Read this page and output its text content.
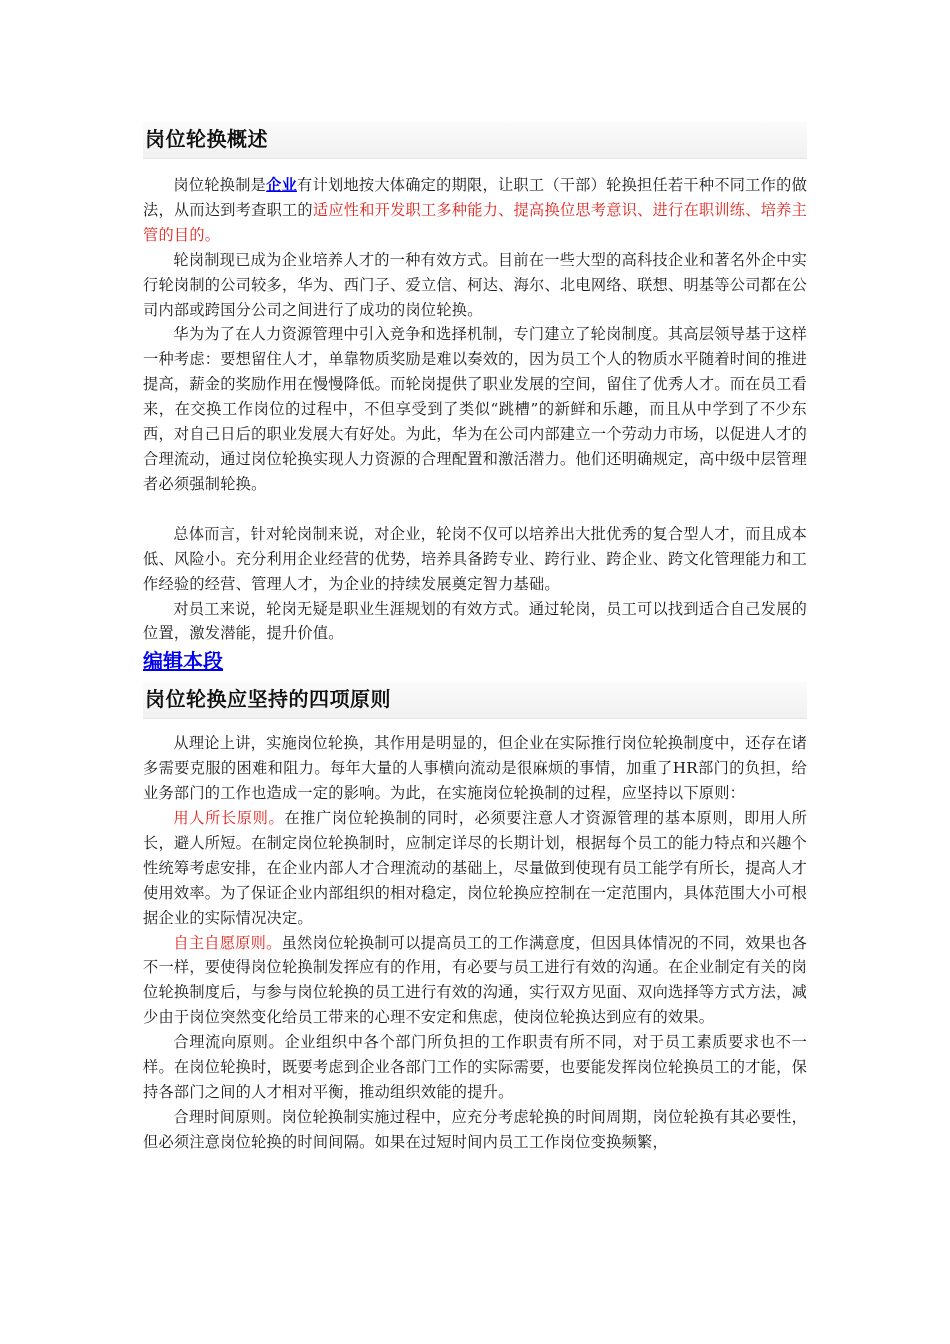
岗位轮换概述

岗位轮换制是企业有计划地按大体确定的期限，让职工（干部）轮换担任若干种不同工作的做法，从而达到考查职工的适应性和开发职工多种能力、提高换位思考意识、进行在职训练、培养主管的目的。

轮岗制现已成为企业培养人才的一种有效方式。目前在一些大型的高科技企业和著名外企中实行轮岗制的公司较多，华为、西门子、爱立信、柯达、海尔、北电网络、联想、明基等公司都在公司内部或跨国分公司之间进行了成功的岗位轮换。

华为为了在人力资源管理中引入竞争和选择机制，专门建立了轮岗制度。其高层领导基于这样一种考虑：要想留住人才，单靠物质奖励是难以奏效的，因为员工个人的物质水平随着时间的推进提高，薪金的奖励作用在慢慢降低。而轮岗提供了职业发展的空间，留住了优秀人才。而在员工看来，在交换工作岗位的过程中，不但享受到了类似“跳槽”的新鲜和乐趣，而且从中学到了不少东西，对自己日后的职业发展大有好处。为此，华为在公司内部建立一个劳动力市场，以促进人才的合理流动，通过岗位轮换实现人力资源的合理配置和激活潜力。他们还明确规定，高中级中层管理者必须强制轮换。

总体而言，针对轮岗制来说，对企业，轮岗不仅可以培养出大批优秀的复合型人才，而且成本低、风险小。充分利用企业经营的优势，培养具备跨专业、跨行业、跨企业、跨文化管理能力和工作经验的经营、管理人才，为企业的持续发展奠定智力基础。

对员工来说，轮岗无疑是职业生涯规划的有效方式。通过轮岗，员工可以找到适合自己发展的位置，激发潜能，提升价值。

编辑本段
岗位轮换应坚持的四项原则

从理论上讲，实施岗位轮换，其作用是明显的，但企业在实际推行岗位轮换制度中，还存在诸多需要克服的困难和阻力。每年大量的人事横向流动是很麻烦的事情，加重了HR部门的负担，给业务部门的工作也造成一定的影响。为此，在实施岗位轮换制的过程，应坚持以下原则：

用人所长原则。在推广岗位轮换制的同时，必须要注意人才资源管理的基本原则，即用人所长，避人所短。在制定岗位轮换制时，应制定详尽的长期计划，根据每个员工的能力特点和兴趣个性统筹考虑安排，在企业内部人才合理流动的基础上，尽量做到使现有员工能学有所长，提高人才使用效率。为了保证企业内部组织的相对稳定，岗位轮换应控制在一定范围内，具体范围大小可根据企业的实际情况决定。

自主自愿原则。虽然岗位轮换制可以提高员工的工作满意度，但因具体情况的不同，效果也各不一样，要使得岗位轮换制发挥应有的作用，有必要与员工进行有效的沟通。在企业制定有关的岗位轮换制度后，与参与岗位轮换的员工进行有效的沟通，实行双方见面、双向选择等方式方法，减少由于岗位突然变化给员工带来的心理不安定和焦虑，使岗位轮换达到应有的效果。

合理流向原则。企业组织中各个部门所负担的工作职责有所不同，对于员工素质要求也不一样。在岗位轮换时，既要考虑到企业各部门工作的实际需要，也要能发挥岗位轮换员工的才能，保持各部门之间的人才相对平衡，推动组织效能的提升。

合理时间原则。岗位轮换制实施过程中，应充分考虑轮换的时间周期，岗位轮换有其必要性，但必须注意岗位轮换的时间间隔。如果在过短时间内员工工作岗位变换频繁，
